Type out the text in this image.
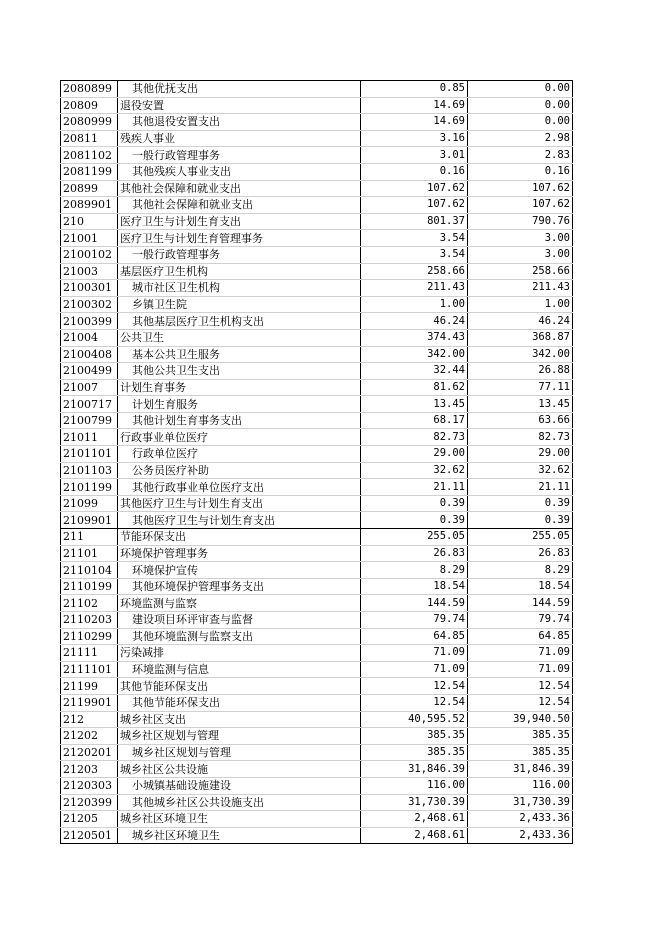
2080899	其他优抚支出	0.85	0.00
20809	退役安置	14.69	0.00
2080999	其他退役安置支出	14.69	0.00
20811	残疾人事业	3.16	2.98
2081102	一般行政管理事务	3.01	2.83
2081199	其他残疾人事业支出	0.16	0.16
20899	其他社会保障和就业支出	107.62	107.62
2089901	其他社会保障和就业支出	107.62	107.62
210	医疗卫生与计划生育支出	801.37	790.76
21001	医疗卫生与计划生育管理事务	3.54	3.00
2100102	一般行政管理事务	3.54	3.00
21003	基层医疗卫生机构	258.66	258.66
2100301	城市社区卫生机构	211.43	211.43
2100302	乡镇卫生院	1.00	1.00
2100399	其他基层医疗卫生机构支出	46.24	46.24
21004	公共卫生	374.43	368.87
2100408	基本公共卫生服务	342.00	342.00
2100499	其他公共卫生支出	32.44	26.88
21007	计划生育事务	81.62	77.11
2100717	计划生育服务	13.45	13.45
2100799	其他计划生育事务支出	68.17	63.66
21011	行政事业单位医疗	82.73	82.73
2101101	行政单位医疗	29.00	29.00
2101103	公务员医疗补助	32.62	32.62
2101199	其他行政事业单位医疗支出	21.11	21.11
21099	其他医疗卫生与计划生育支出	0.39	0.39
2109901	其他医疗卫生与计划生育支出	0.39	0.39
211	节能环保支出	255.05	255.05
21101	环境保护管理事务	26.83	26.83
2110104	环境保护宣传	8.29	8.29
2110199	其他环境保护管理事务支出	18.54	18.54
21102	环境监测与监察	144.59	144.59
2110203	建设项目环评审查与监督	79.74	79.74
2110299	其他环境监测与监察支出	64.85	64.85
21111	污染减排	71.09	71.09
2111101	环境监测与信息	71.09	71.09
21199	其他节能环保支出	12.54	12.54
2119901	其他节能环保支出	12.54	12.54
212	城乡社区支出	40,595.52	39,940.50
21202	城乡社区规划与管理	385.35	385.35
2120201	城乡社区规划与管理	385.35	385.35
21203	城乡社区公共设施	31,846.39	31,846.39
2120303	小城镇基础设施建设	116.00	116.00
2120399	其他城乡社区公共设施支出	31,730.39	31,730.39
21205	城乡社区环境卫生	2,468.61	2,433.36
2120501	城乡社区环境卫生	2,468.61	2,433.36
